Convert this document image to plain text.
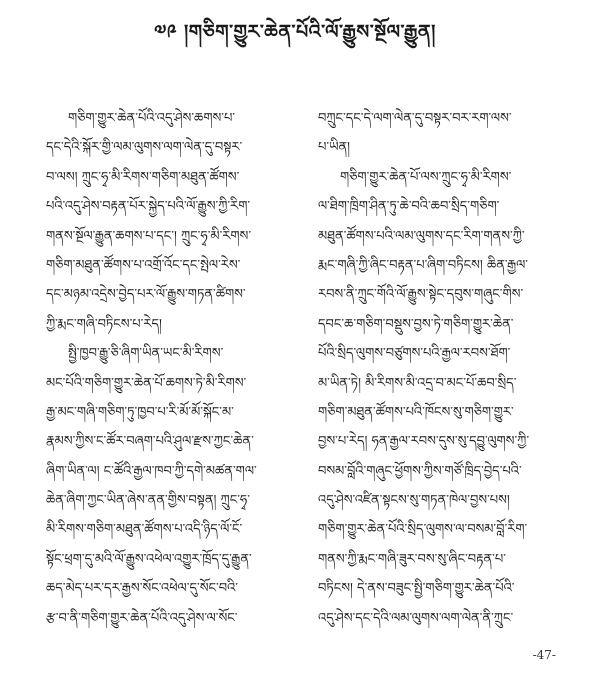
༧༩ །གཅིག་གྱུར་ཆེན་པོའི་ལོ་རྒྱུས་སྔོལ་རྒྱུན།
གཅིག་གྱུར་ཆེན་པོའི་འདུ་ཤེས་ཆགས་པ་
དང་དེའི་སྐོར་གྱི་ལམ་ལུགས་ལག་ལེན་དུ་བསྟར་
བ་ལས། ཀྲུང་ཧྭ་མི་རིགས་གཅིག་མཐུན་ཚོགས་
པའི་འདུ་ཤེས་བརྟན་པོར་སྐྱེད་པའི་ལོ་རྒྱུས་ཀྱི་རིག་
གནས་སྔོལ་རྒྱུན་ཆགས་པ་དང་། ཀྲུང་ཧྭ་མི་རིགས་
གཅིག་མཐུན་ཚོགས་པ་འགྲོ་འོང་དང་སྤེལ་རེས་
དང་མཉམ་འདྲེས་བྱེད་པར་ལོ་རྒྱུས་གཏན་ཚིགས་
ཀྱི་རྨང་གཞི་བཏིངས་པ་རེད།
སྤྱི་ཁྱབ་རྒྱུ་ཅི་ཞིག་ཡིན་ཡང་མི་རིགས་
མང་པོའི་གཅིག་གྱུར་ཆེན་པོ་ཆགས་ཏེ་མི་རིགས་
རྒྱ་མང་གཞི་གཅིག་ཏུ་ཁྱབ་པ་རི་མོ་མོ་སྐོང་མ་
རྣམས་ཀྱིས་ང་ཚོར་བཞག་པའི་ཤུལ་རྫས་ཀྱང་ཆེན་
ཞིག་ཡིན་ལ། ང་ཚོའི་རྒྱལ་ཁབ་ཀྱི་དགེ་མཚན་གལ་
ཆེན་ཞིག་ཀྱང་ཡིན་ཞེས་ནན་གྱིས་བསྟན། ཀྲུང་ཧྭ་
མི་རིགས་གཅིག་མཐུན་ཚོགས་པ་འདི་ཉིད་ལོ་ངོ་
སྟོང་ཕྲག་དུ་མའི་ལོ་རྒྱུས་འཕེལ་འགྱུར་ཁྲོད་དུ་རྒྱུན་
ཆད་མེད་པར་དར་རྒྱས་སོང་འཕེལ་དུ་སོང་བའི་
རྩ་བ་ནི་གཅིག་གྱུར་ཆེན་པོའི་འདུ་ཤེས་ལ་སོང་
བཀྲུང་དང་དེ་ལག་ལེན་དུ་བསྟར་བར་རག་ལས་
པ་ཡིན།
གཅིག་གྱུར་ཆེན་པོ་ལས་ཀྲུང་ཧྭ་མི་རིགས་
ལ་ཐིག་ཁྲིག་ཤིན་ཏུ་ཆེ་བའི་ཆབ་སྲིད་གཅིག་
མཐུན་ཚོགས་པའི་ལམ་ལུགས་དང་རིག་གནས་ཀྱི་
རྨང་གཞི་ཀྱི་ཞིང་བརྟན་པ་ཞིག་བཏིངས། ཆིན་རྒྱལ་
རབས་ནི་ཀྲུང་གོའི་ལོ་རྒྱུས་སྟེང་དབུས་གཞུང་གིས་
དབང་ཆ་གཅིག་བསྡུས་བྱས་ཏེ་གཅིག་གྱུར་ཆེན་
པོའི་སྲིད་ལུགས་བཙུགས་པའི་རྒྱལ་རབས་ཐོག་
མ་ཡིན་ཏེ། མི་རིགས་མི་འདྲ་བ་མང་པོ་ཆབ་སྲིད་
གཅིག་མཐུན་ཚོགས་པའི་ཁོངས་སུ་གཅིག་གྱུར་
བྱས་པ་རེད། ཧན་རྒྱལ་རབས་དུས་སུ་དབྱུ་ལུགས་ཀྱི་
བསམ་བློའི་གཞུང་ཕྱོགས་ཀྱིས་གཙོ་ཁྲིད་བྱེད་པའི་
འདུ་ཤེས་འཛིན་སྟངས་སུ་གཏན་ཁེལ་བྱས་པས།
གཅིག་གྱུར་ཆེན་པོའི་སྲིད་ལུགས་ལ་བསམ་བློ་རིག་
གནས་ཀྱི་རྨང་གཞི་ཟུར་བས་སུ་ཞིང་བརྟན་པ་
བཏིངས། དེ་ནས་བཟུང་སྤྱི་གཅིག་གྱུར་ཆེན་པོའི་
འདུ་ཤེས་དང་དེའི་ལམ་ལུགས་ལག་ལེན་ནི་ཀྲུང་
-47-
